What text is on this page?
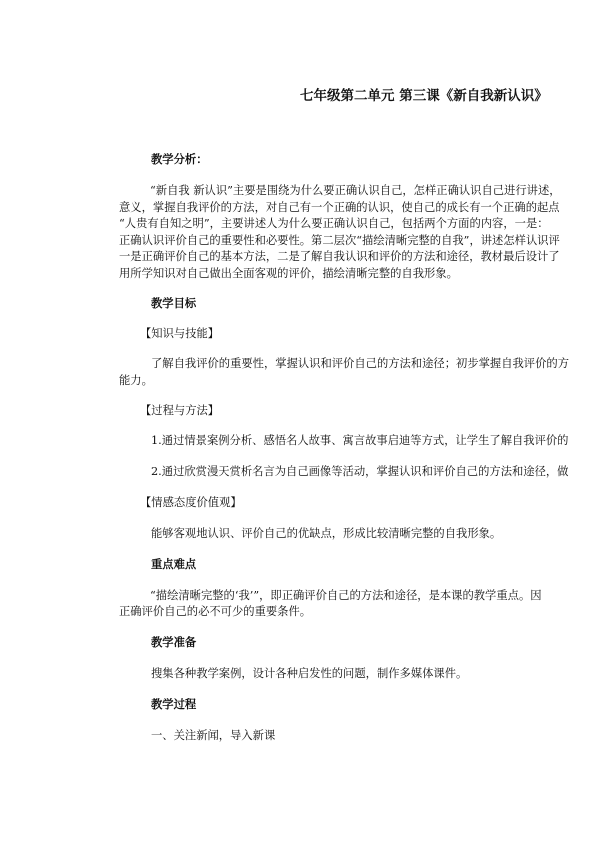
七年级第二单元 第三课《新自我新认识》
教学分析：
“新自我 新认识”主要是围绕为什么要正确认识自己，怎样正确认识自己进行讲述，
意义，掌握自我评价的方法，对自己有一个正确的认识，使自己的成长有一个正确的起点
“人贵有自知之明”，主要讲述人为什么要正确认识自己，包括两个方面的内容，一是：
正确认识评价自己的重要性和必要性。第二层次“描绘清晰完整的自我”，讲述怎样认识评
一是正确评价自己的基本方法，二是了解自我认识和评价的方法和途径，教材最后设计了
用所学知识对自己做出全面客观的评价，描绘清晰完整的自我形象。
教学目标
【知识与技能】
了解自我评价的重要性，掌握认识和评价自己的方法和途径；初步掌握自我评价的方
能力。
【过程与方法】
1.通过情景案例分析、感悟名人故事、寓言故事启迪等方式，让学生了解自我评价的
2.通过欣赏漫天赏析名言为自己画像等活动，掌握认识和评价自己的方法和途径，做
【情感态度价值观】
能够客观地认识、评价自己的优缺点，形成比较清晰完整的自我形象。
重点难点
“描绘清晰完整的‘我’”，即正确评价自己的方法和途径，是本课的教学重点。因
正确评价自己的必不可少的重要条件。
教学准备
搜集各种教学案例，设计各种启发性的问题，制作多媒体课件。
教学过程
一、关注新闻，导入新课
